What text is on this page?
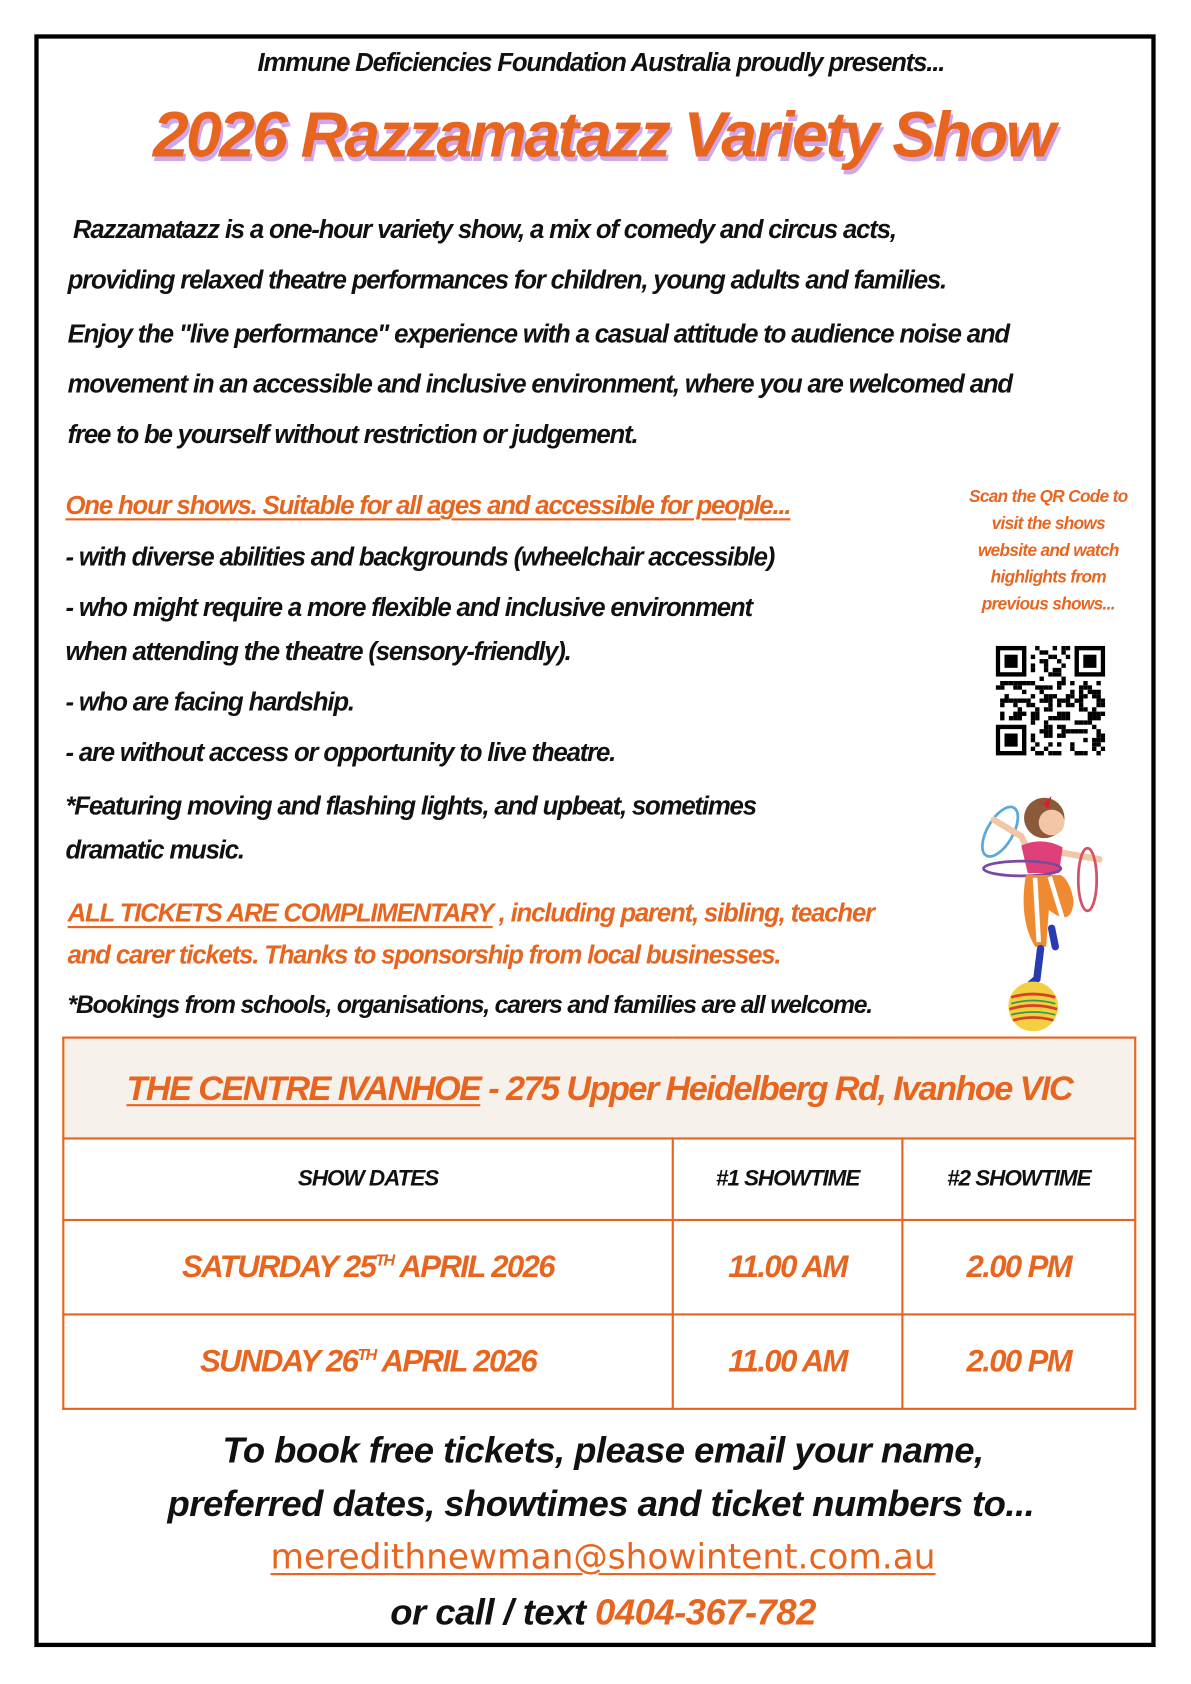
Immune Deficiencies Foundation Australia proudly presents...
2026 Razzamatazz Variety Show
Razzamatazz is a one-hour variety show, a mix of comedy and circus acts,
providing relaxed theatre performances for children, young adults and families.
Enjoy the "live performance" experience with a casual attitude to audience noise and
movement in an accessible and inclusive environment, where you are welcomed and
free to be yourself without restriction or judgement.
One hour shows. Suitable for all ages and accessible for people...
- with diverse abilities and backgrounds (wheelchair accessible)
- who might require a more flexible and inclusive environment
when attending the theatre (sensory-friendly).
- who are facing hardship.
- are without access or opportunity to live theatre.
*Featuring moving and flashing lights, and upbeat, sometimes
dramatic music.
ALL TICKETS ARE COMPLIMENTARY , including parent, sibling, teacher
and carer tickets. Thanks to sponsorship from local businesses.
*Bookings from schools, organisations, carers and families are all welcome.
Scan the QR Code to
visit the shows
website and watch
highlights from
previous shows...
THE CENTRE IVANHOE - 275 Upper Heidelberg Rd, Ivanhoe VIC		
SHOW DATES	#1 SHOWTIME	#2 SHOWTIME
SATURDAY 25TH APRIL 2026	11.00 AM	2.00 PM
SUNDAY 26TH APRIL 2026	11.00 AM	2.00 PM
To book free tickets, please email your name,
preferred dates, showtimes and ticket numbers to...
meredithnewman@showintent.com.au
or call / text 0404-367-782
